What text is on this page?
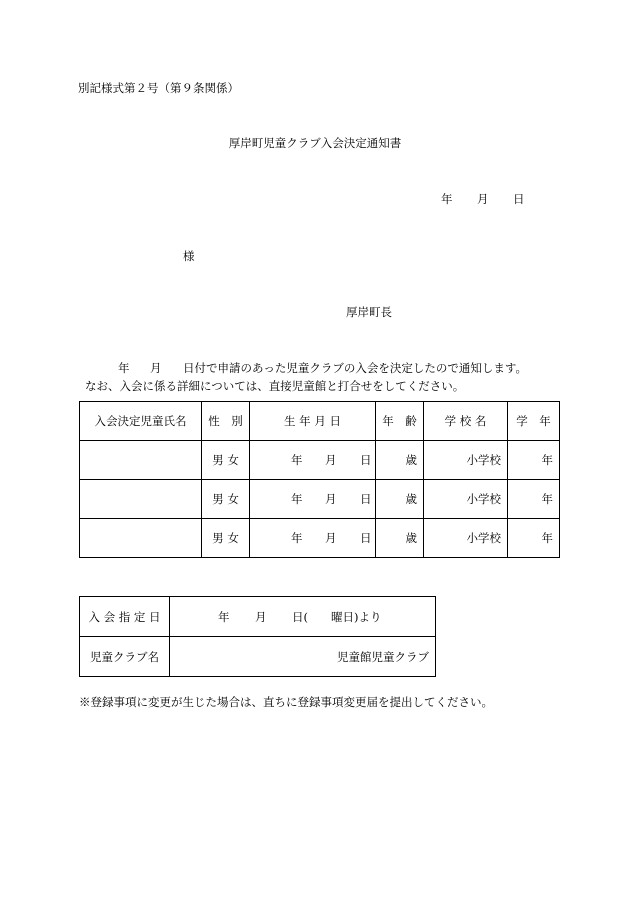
別記様式第２号（第９条関係）
厚岸町児童クラブ入会決定通知書
年 月 日
様
厚岸町長
年 月 日付で申請のあった児童クラブの入会を決定したので通知します。
なお、入会に係る詳細については、直接児童館と打合せをしてください。
入会決定児童氏名	性　別	生 年 月 日	年　齢	学 校 名	学　年
	男 女	年 月 日	歳	小学校	年
	男 女	年 月 日	歳	小学校	年
	男 女	年 月 日	歳	小学校	年
入 会 指 定 日	年 月 日(　　曜日)より
児童クラブ名	児童館児童クラブ
※登録事項に変更が生じた場合は、直ちに登録事項変更届を提出してください。
